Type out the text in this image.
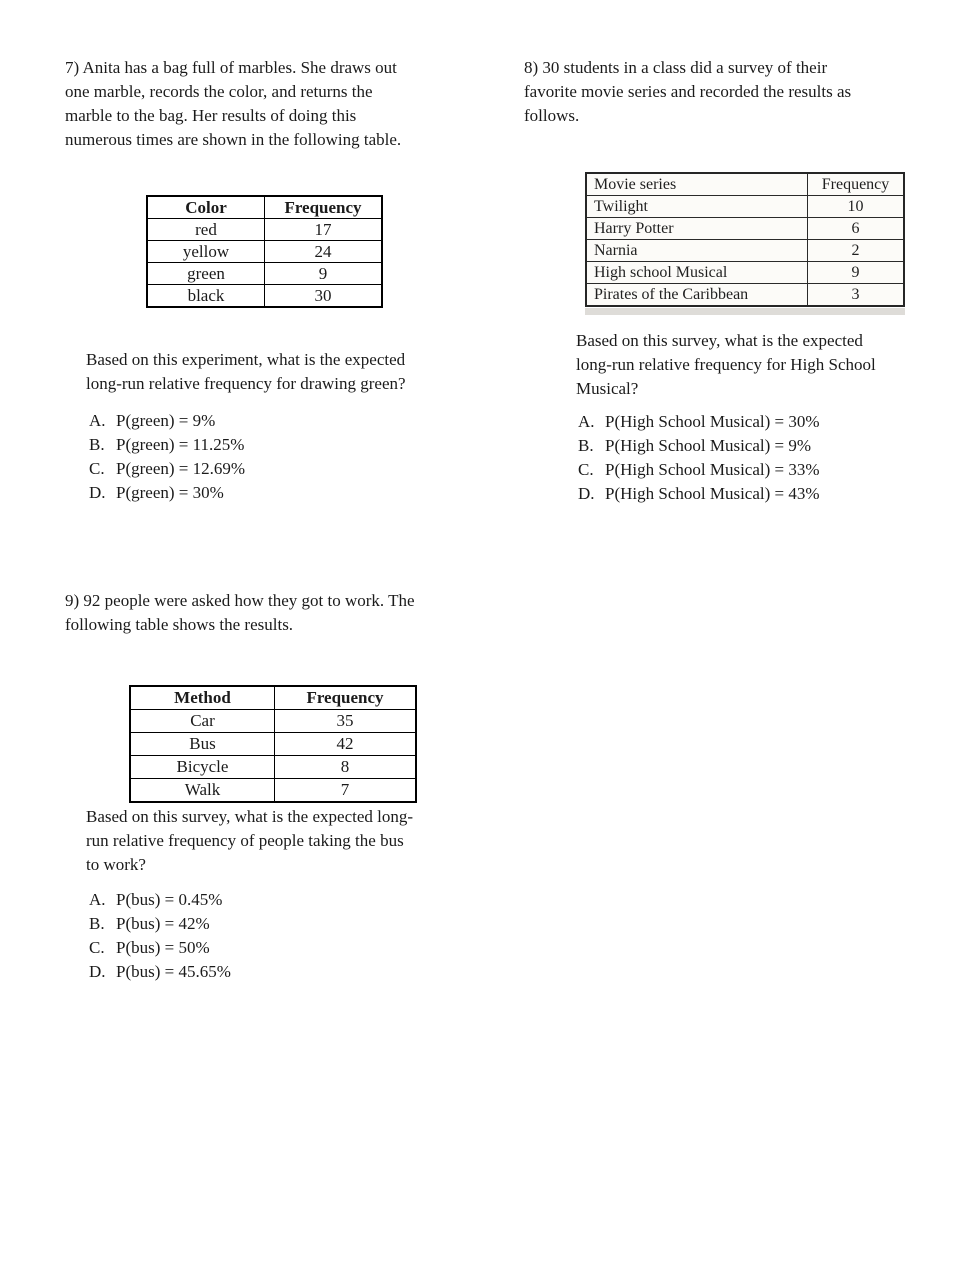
7) Anita has a bag full of marbles. She draws out
one marble, records the color, and returns the
marble to the bag. Her results of doing this
numerous times are shown in the following table.
Color	Frequency
red	17
yellow	24
green	9
black	30
Based on this experiment, what is the expected
long-run relative frequency for drawing green?
A. P(green) = 9%
B. P(green) = 11.25%
C. P(green) = 12.69%
D. P(green) = 30%
8) 30 students in a class did a survey of their
favorite movie series and recorded the results as
follows.
Movie series	Frequency
Twilight	10
Harry Potter	6
Narnia	2
High school Musical	9
Pirates of the Caribbean	3
Based on this survey, what is the expected
long-run relative frequency for High School
Musical?
A. P(High School Musical) = 30%
B. P(High School Musical) = 9%
C. P(High School Musical) = 33%
D. P(High School Musical) = 43%
9) 92 people were asked how they got to work. The
following table shows the results.
Method	Frequency
Car	35
Bus	42
Bicycle	8
Walk	7
Based on this survey, what is the expected long-
run relative frequency of people taking the bus
to work?
A. P(bus) = 0.45%
B. P(bus) = 42%
C. P(bus) = 50%
D. P(bus) = 45.65%
